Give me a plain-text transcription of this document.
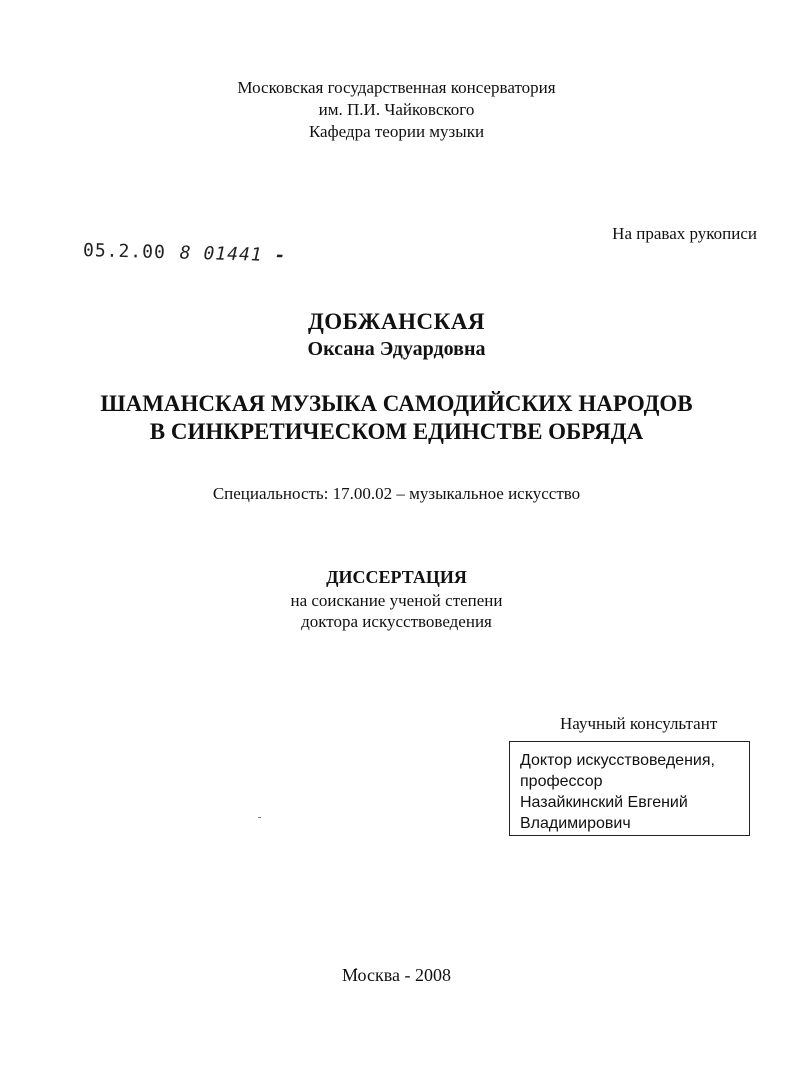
Московская государственная консерватория
им. П.И. Чайковского
Кафедра теории музыки
На правах рукописи
05.2.00 8 01441 -
ДОБЖАНСКАЯ
Оксана Эдуардовна
ШАМАНСКАЯ МУЗЫКА САМОДИЙСКИХ НАРОДОВ
В СИНКРЕТИЧЕСКОМ ЕДИНСТВЕ ОБРЯДА
Специальность: 17.00.02 – музыкальное искусство
ДИССЕРТАЦИЯ
на соискание ученой степени
доктора искусствоведения
Научный консультант
Доктор искусствоведения,
профессор
Назайкинский Евгений
Владимирович
Москва - 2008
